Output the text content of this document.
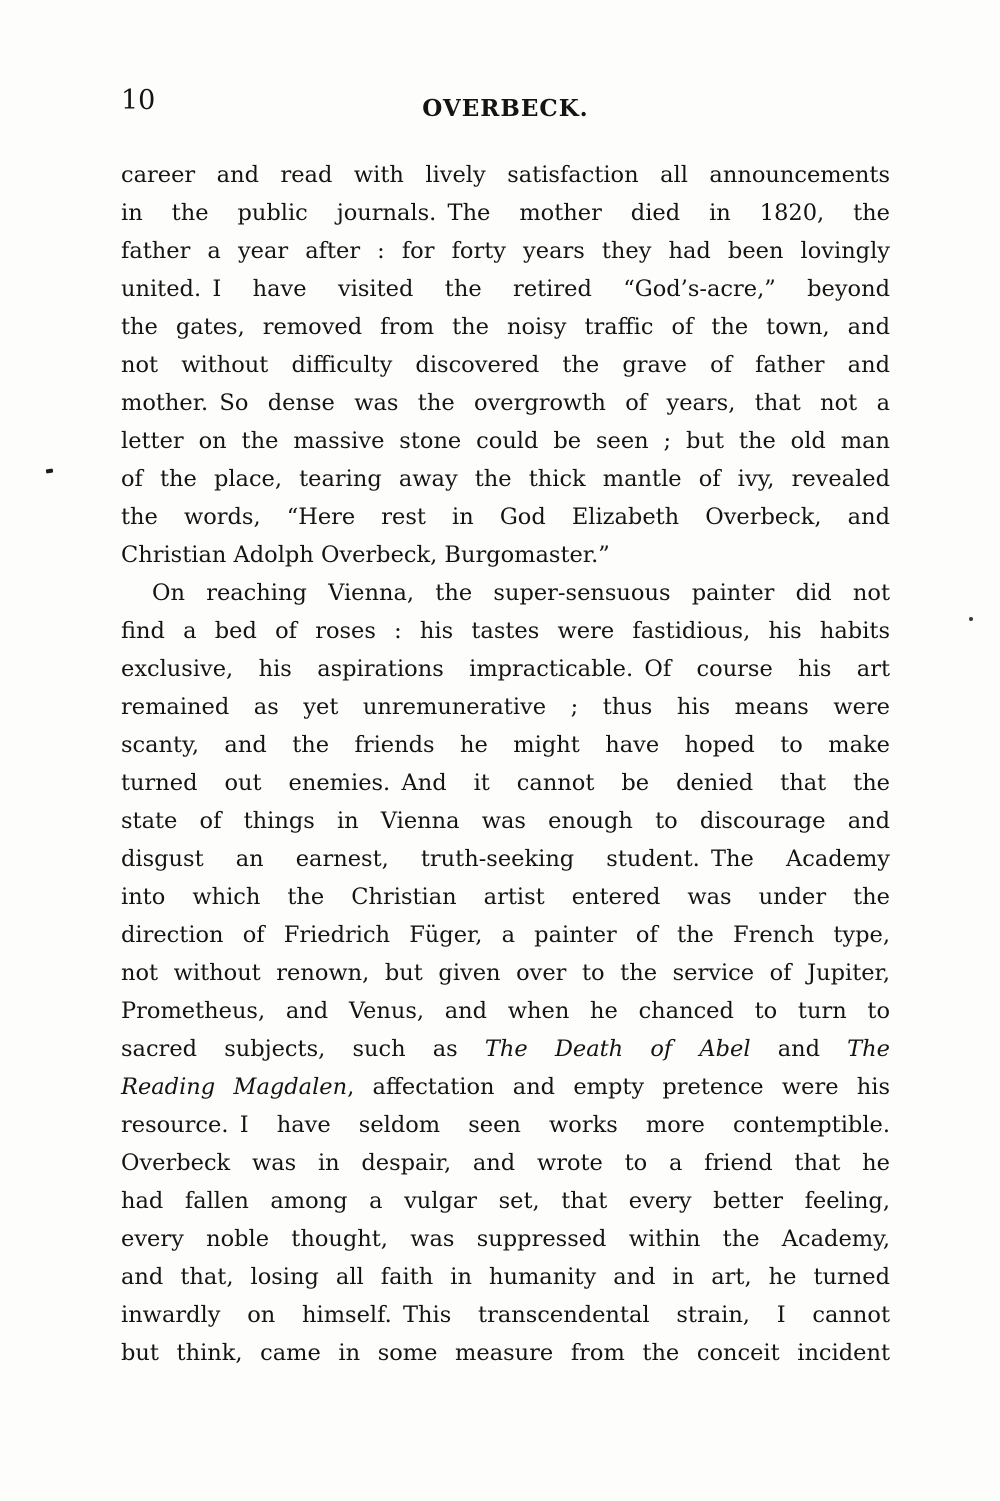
10	OVERBECK.
career and read with lively satisfaction all announcements
in the public journals. The mother died in 1820, the
father a year after : for forty years they had been lovingly
united. I have visited the retired “God’s-acre,” beyond
the gates, removed from the noisy traffic of the town, and
not without difficulty discovered the grave of father and
mother. So dense was the overgrowth of years, that not a
letter on the massive stone could be seen ; but the old man
of the place, tearing away the thick mantle of ivy, revealed
the words, “Here rest in God Elizabeth Overbeck, and
Christian Adolph Overbeck, Burgomaster.”
On reaching Vienna, the super-sensuous painter did not
find a bed of roses : his tastes were fastidious, his habits
exclusive, his aspirations impracticable. Of course his art
remained as yet unremunerative ; thus his means were
scanty, and the friends he might have hoped to make
turned out enemies. And it cannot be denied that the
state of things in Vienna was enough to discourage and
disgust an earnest, truth-seeking student. The Academy
into which the Christian artist entered was under the
direction of Friedrich Füger, a painter of the French type,
not without renown, but given over to the service of Jupiter,
Prometheus, and Venus, and when he chanced to turn to
sacred subjects, such as The Death of Abel and The
Reading Magdalen, affectation and empty pretence were his
resource. I have seldom seen works more contemptible.
Overbeck was in despair, and wrote to a friend that he
had fallen among a vulgar set, that every better feeling,
every noble thought, was suppressed within the Academy,
and that, losing all faith in humanity and in art, he turned
inwardly on himself. This transcendental strain, I cannot
but think, came in some measure from the conceit incident
